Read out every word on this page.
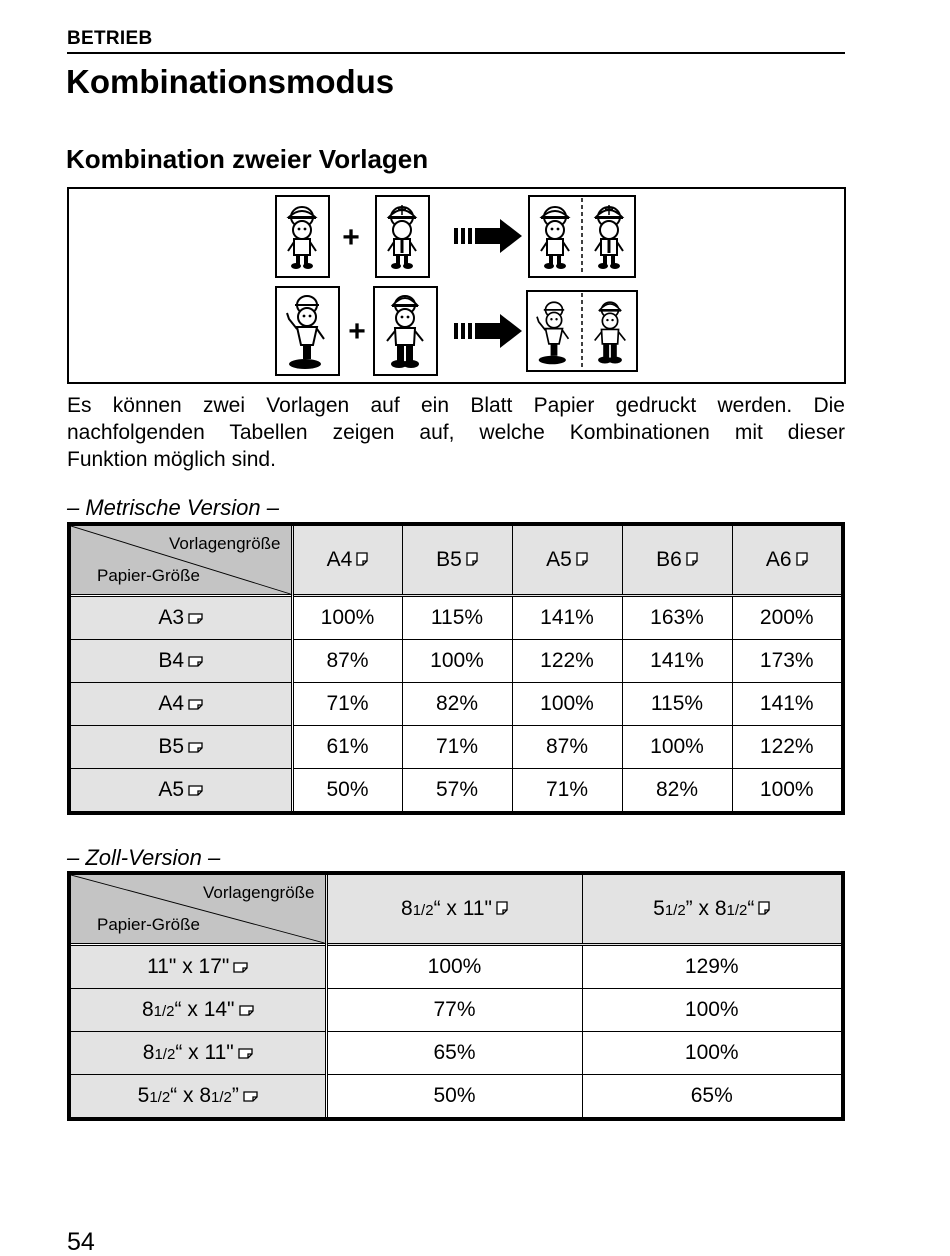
BETRIEB
Kombinationsmodus
Kombination zweier Vorlagen
+
+
Es können zwei Vorlagen auf ein Blatt Papier gedruckt werden. Die
nachfolgenden Tabellen zeigen auf, welche Kombinationen mit dieser
Funktion möglich sind.
– Metrische Version –
Vorlagengröße
Papier-Größe	A4	B5	A5	B6	A6
A3	100%	115%	141%	163%	200%
B4	87%	100%	122%	141%	173%
A4	71%	82%	100%	115%	141%
B5	61%	71%	87%	100%	122%
A5	50%	57%	71%	82%	100%
– Zoll-Version –
Vorlagengröße
Papier-Größe	81/2“ x 11"	51/2” x 81/2“
11" x 17"	100%	129%
81/2“ x 14"	77%	100%
81/2“ x 11"	65%	100%
51/2“ x 81/2”	50%	65%
54
